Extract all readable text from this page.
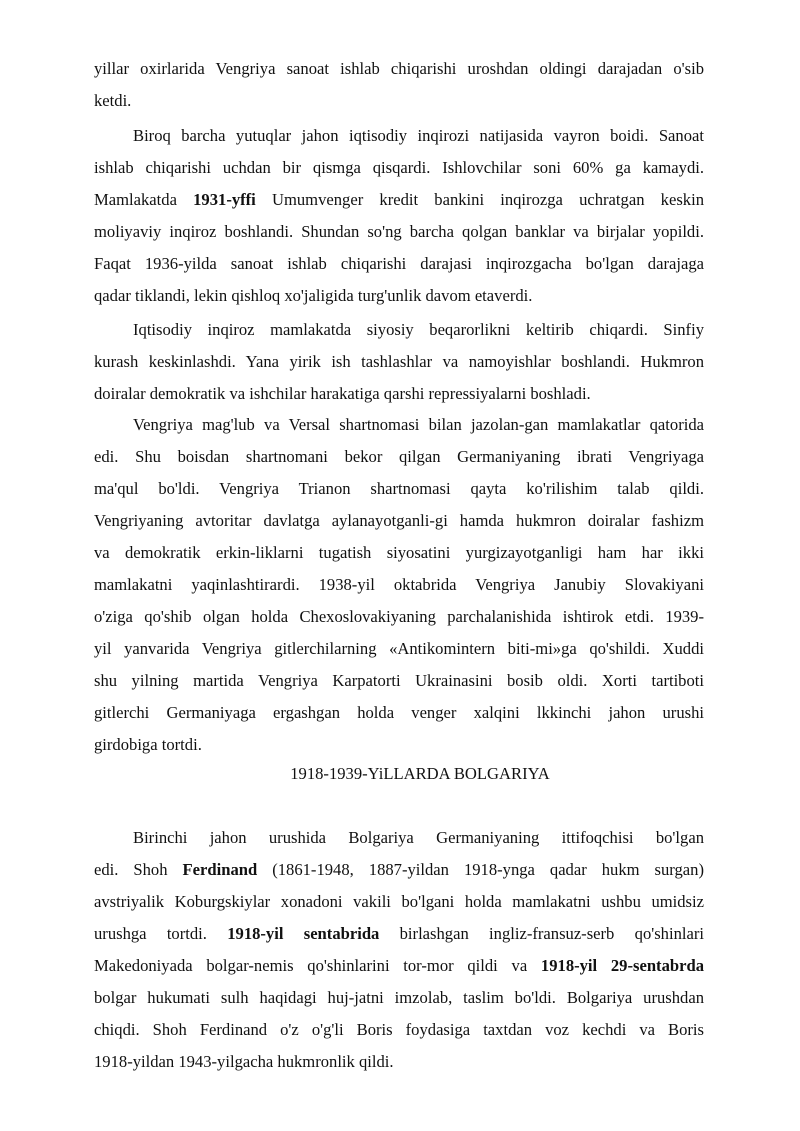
yillar oxirlarida Vengriya sanoat ishlab chiqarishi uroshdan oldingi darajadan o'sib
ketdi.
Biroq barcha yutuqlar jahon iqtisodiy inqirozi natijasida vayron boidi. Sanoat
ishlab chiqarishi uchdan bir qismga qisqardi. Ishlovchilar soni 60% ga kamaydi.
Mamlakatda 1931-yffi Umumvenger kredit bankini inqirozga uchratgan keskin
moliyaviy inqiroz boshlandi. Shundan so'ng barcha qolgan banklar va birjalar yopildi.
Faqat 1936-yilda sanoat ishlab chiqarishi darajasi inqirozgacha bo'lgan darajaga
qadar tiklandi, lekin qishloq xo'jaligida turg'unlik davom etaverdi.
Iqtisodiy inqiroz mamlakatda siyosiy beqarorlikni keltirib chiqardi. Sinfiy
kurash keskinlashdi. Yana yirik ish tashlashlar va namoyishlar boshlandi. Hukmron
doiralar demokratik va ishchilar harakatiga qarshi repressiyalarni boshladi.
Vengriya mag'lub va Versal shartnomasi bilan jazolan-gan mamlakatlar qatorida
edi. Shu boisdan shartnomani bekor qilgan Germaniyaning ibrati Vengriyaga
ma'qul bo'ldi. Vengriya Trianon shartnomasi qayta ko'rilishim talab qildi.
Vengriyaning avtoritar davlatga aylanayotganli-gi hamda hukmron doiralar fashizm
va demokratik erkin-liklarni tugatish siyosatini yurgizayotganligi ham har ikki
mamlakatni yaqinlashtirardi. 1938-yil oktabrida Vengriya Janubiy Slovakiyani
o'ziga qo'shib olgan holda Chexoslovakiyaning parchalanishida ishtirok etdi. 1939-
yil yanvarida Vengriya gitlerchilarning «Antikomintern biti-mi»ga qo'shildi. Xuddi
shu yilning martida Vengriya Karpatorti Ukrainasini bosib oldi. Xorti tartiboti
gitlerchi Germaniyaga ergashgan holda venger xalqini lkkinchi jahon urushi
girdobiga tortdi.
Birinchi jahon urushida Bolgariya Germaniyaning ittifoqchisi bo'lgan
edi. Shoh Ferdinand (1861-1948, 1887-yildan 1918-ynga qadar hukm surgan)
avstriyalik Koburgskiylar xonadoni vakili bo'lgani holda mamlakatni ushbu umidsiz
urushga tortdi. 1918-yil sentabrida birlashgan ingliz-fransuz-serb qo'shinlari
Makedoniyada bolgar-nemis qo'shinlarini tor-mor qildi va 1918-yil 29-sentabrda
bolgar hukumati sulh haqidagi huj-jatni imzolab, taslim bo'ldi. Bolgariya urushdan
chiqdi. Shoh Ferdinand o'z o'g'li Boris foydasiga taxtdan voz kechdi va Boris
1918-yildan 1943-yilgacha hukmronlik qildi.
1918-1939-YiLLARDA BOLGARIYA
